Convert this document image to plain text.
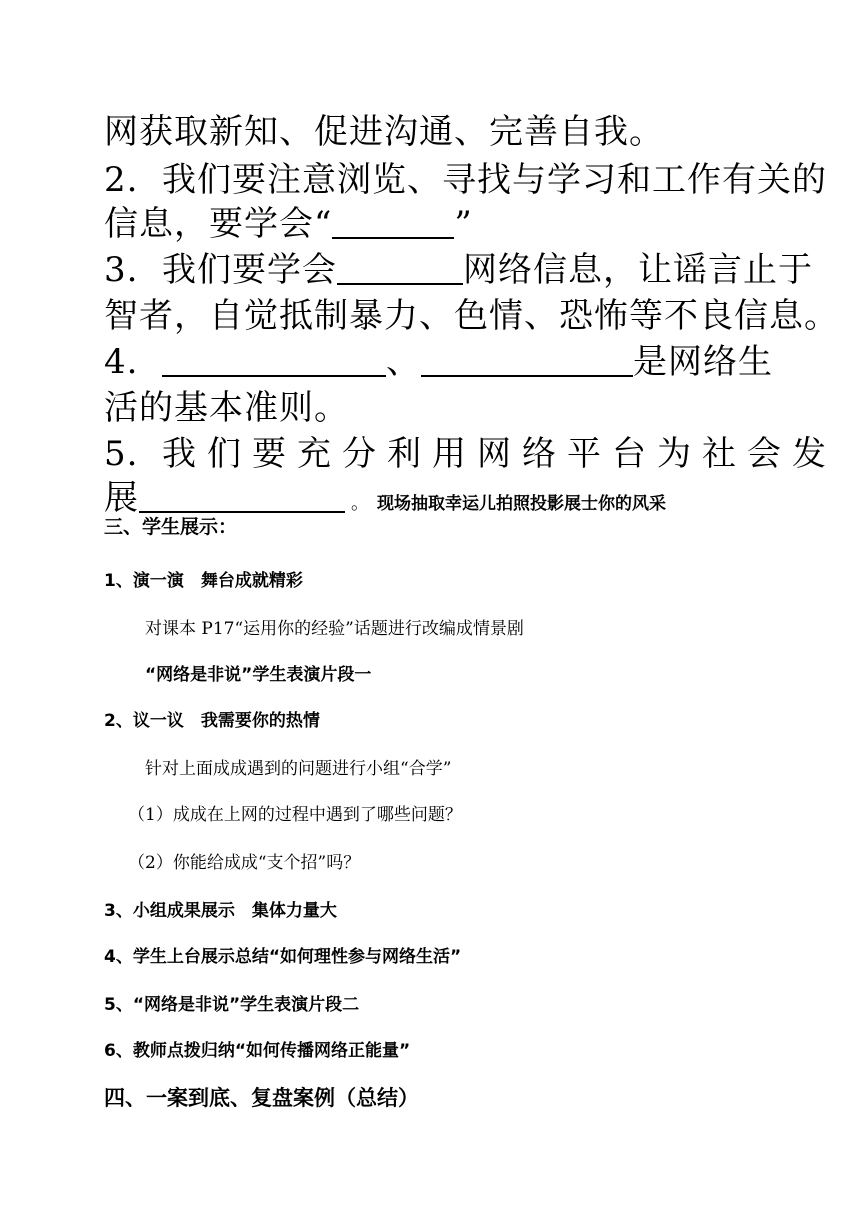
网获取新知、促进沟通、完善自我。
2. 我们要注意浏览、寻找与学习和工作有关的
信息，要学会“	”
3. 我们要学会	网络信息，让谣言止于
智者，自觉抵制暴力、色情、恐怖等不良信息。
4.	、	是网络生
活的基本准则。
5. 我们要充分利用网络平台为社会发
展	。 现场抽取幸运儿拍照投影展士你的风采
三、学生展示：
1、演一演　舞台成就精彩
对课本 P17“运用你的经验”话题进行改编成情景剧
“网络是非说”学生表演片段一
2、议一议　我需要你的热情
针对上面成成遇到的问题进行小组“合学”
（1）成成在上网的过程中遇到了哪些问题？
（2）你能给成成“支个招”吗？
3、小组成果展示　集体力量大
4、学生上台展示总结“如何理性参与网络生活”
5、“网络是非说”学生表演片段二
6、教师点拨归纳“如何传播网络正能量”
四、一案到底、复盘案例（总结）
